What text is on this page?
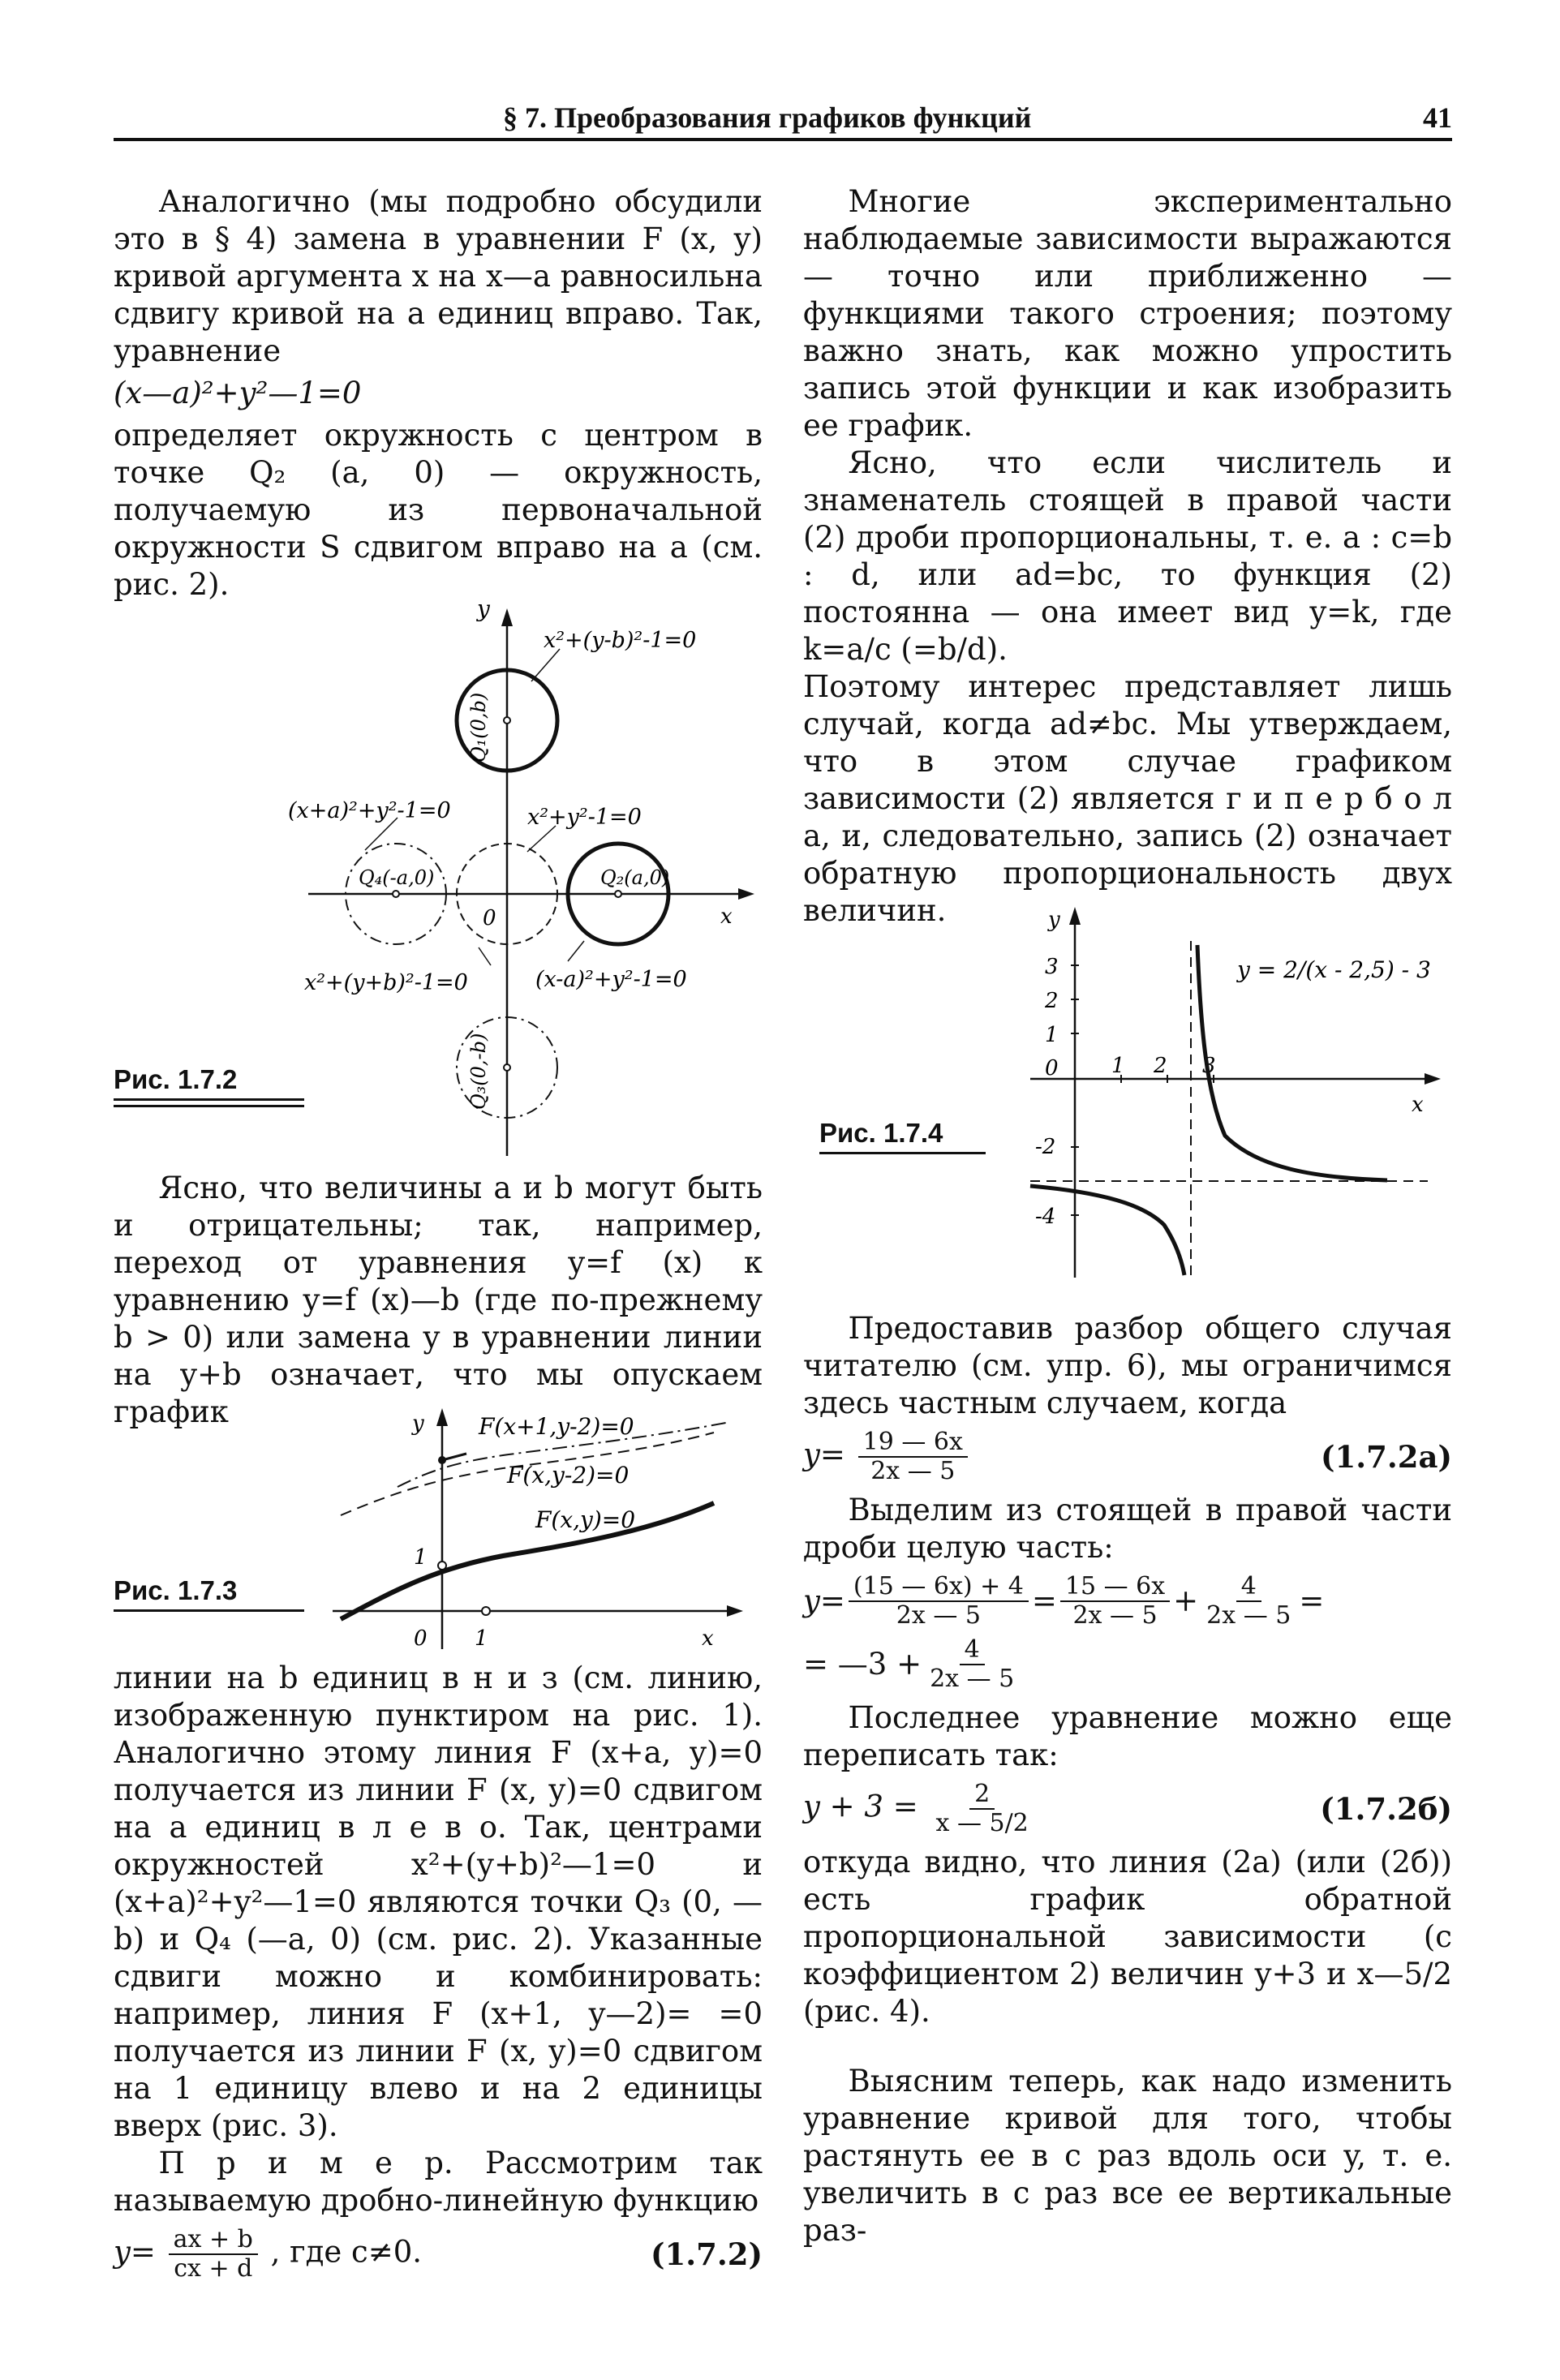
§ 7. Преобразования графиков функций	41

Аналогично (мы подробно обсудили это в § 4) замена в уравнении F (x, y) кривой аргумента x на x—a равносильна сдвигу кривой на a единиц вправо. Так, уравнение

(x—a)²+y²—1=0

определяет окружность с центром в точке Q₂ (a, 0) — окружность, получаемую из первоначальной окружности S сдвигом вправо на a (см. рис. 2).

x
y
0
x²+(y-b)²-1=0
(x+a)²+y²-1=0	x²+y²-1=0
x²+(y+b)²-1=0	(x-a)²+y²-1=0
Q₁(0,b)
Q₄(-a,0)	Q₂(a,0)
Q₃(0,-b)
Рис. 1.7.2

Ясно, что величины a и b могут быть и отрицательны; так, например, переход от уравнения y=f (x) к уравнению y=f (x)—b (где по-прежнему b > 0) или замена y в уравнении линии на y+b означает, что мы опускаем график	y
x
0 1
1
F(x+1,y-2)=0
F(x,y-2)=0
F(x,y)=0
Рис. 1.7.3

линии на b единиц в н и з (см. линию, изображенную пунктиром на рис. 1). Аналогично этому линия F (x+a, y)=0 получается из линии F (x, y)=0 сдвигом на a единиц в л е в о. Так, центрами окружностей x²+(y+b)²—1=0 и (x+a)²+y²—1=0 являются точки Q₃ (0, —b) и Q₄ (—a, 0) (см. рис. 2). Указанные сдвиги можно и комбинировать: например, линия F (x+1, y—2)= =0 получается из линии F (x, y)=0 сдвигом на 1 единицу влево и на 2 единицы вверх (рис. 3).

П р и м е р. Рассмотрим так называемую дробно-линейную функцию

$y= \frac{ax + b}{cx + d}$ , где c≠0.	(1.7.2)

Многие экспериментально наблюдаемые зависимости выражаются — точно или приближенно — функциями такого строения; поэтому важно знать, как можно упростить запись этой функции и как изобразить ее график.

Ясно, что если числитель и знаменатель стоящей в правой части (2) дроби пропорциональны, т. е. a : c=b : d, или ad=bc, то функция (2) постоянна — она имеет вид y=k, где k=a/c (=b/d).

Поэтому интерес представляет лишь случай, когда ad≠bc. Мы утверждаем, что в этом случае графиком зависимости (2) является г и п е р б о л а, и, следовательно, запись (2) означает обратную пропорциональность двух величин.	y
x
3
2
1
0
-2
-4
1 2 3
y = 2/(x - 2,5) - 3
Рис. 1.7.4

Предоставив разбор общего случая читателю (см. упр. 6), мы ограничимся здесь частным случаем, когда

$y= \frac{19 — 6x}{2x — 5}$	(1.7.2а)

Выделим из стоящей в правой части дроби целую часть:

$y= \frac{(15 — 6x) + 4}{2x — 5} = \frac{15 — 6x}{2x — 5} + \frac{4}{2x — 5}$ =
= —3 + $\frac{4}{2x — 5}$

Последнее уравнение можно еще переписать так:

$y + 3 = \frac{2}{x — 5/2}$	(1.7.2б)

откуда видно, что линия (2а) (или (2б)) есть график обратной пропорциональной зависимости (с коэффициентом 2) величин y+3 и x—5/2 (рис. 4).

Выясним теперь, как надо изменить уравнение кривой для того, чтобы растянуть ее в c раз вдоль оси y, т. е. увеличить в c раз все ее вертикальные раз-
